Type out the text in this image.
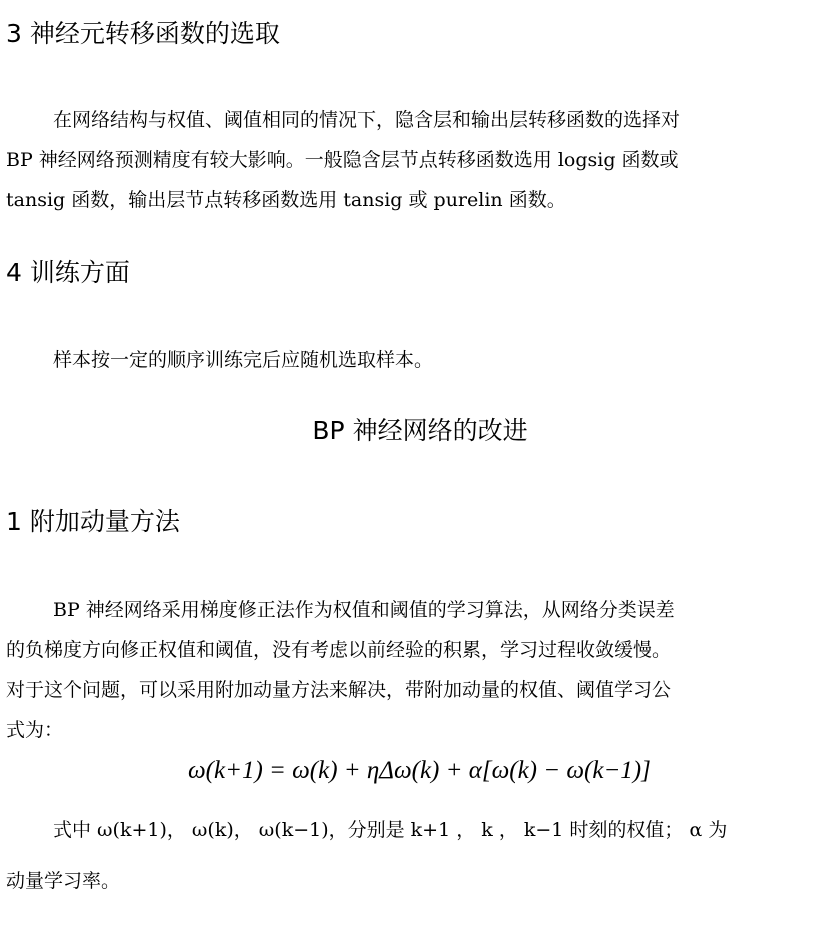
3 神经元转移函数的选取

在网络结构与权值、阈值相同的情况下，隐含层和输出层转移函数的选择对

BP 神经网络预测精度有较大影响。一般隐含层节点转移函数选用 logsig 函数或

tansig 函数，输出层节点转移函数选用 tansig 或 purelin 函数。

4 训练方面

样本按一定的顺序训练完后应随机选取样本。

BP 神经网络的改进
1 附加动量方法

BP 神经网络采用梯度修正法作为权值和阈值的学习算法，从网络分类误差

的负梯度方向修正权值和阈值，没有考虑以前经验的积累，学习过程收敛缓慢。

对于这个问题，可以采用附加动量方法来解决，带附加动量的权值、阈值学习公

式为：

ω(k+1) = ω(k) + ηΔω(k) + α[ω(k) − ω(k−1)]

式中 ω(k+1)， ω(k)， ω(k−1)，分别是 k+1 ， k ， k−1 时刻的权值； α 为

动量学习率。
